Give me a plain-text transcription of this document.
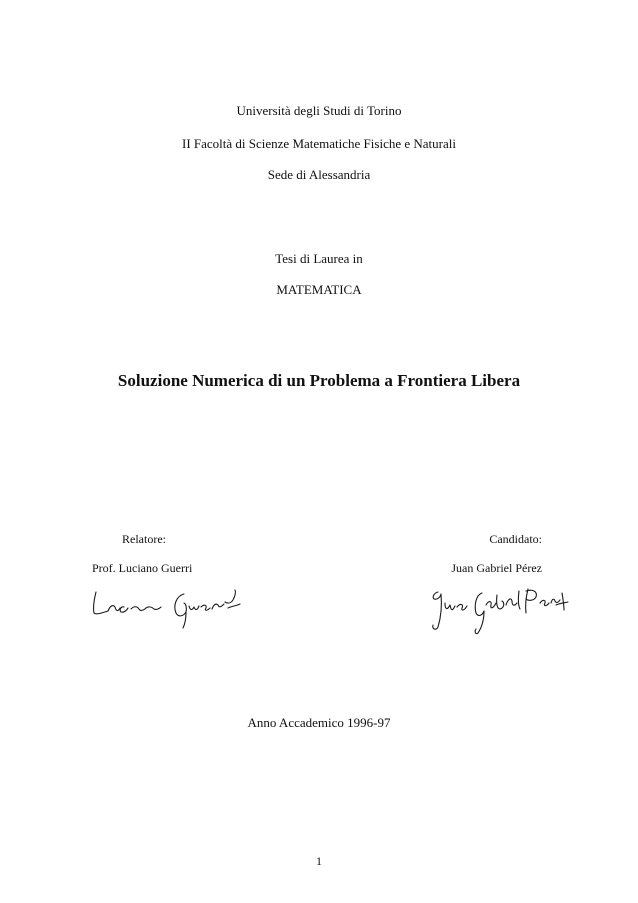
Università degli Studi di Torino
II Facoltà di Scienze Matematiche Fisiche e Naturali
Sede di Alessandria
Tesi di Laurea in
MATEMATICA
Soluzione Numerica di un Problema a Frontiera Libera
Relatore:
Prof. Luciano Guerri
Candidato:
Juan Gabriel Pérez
Anno Accademico 1996-97
1
